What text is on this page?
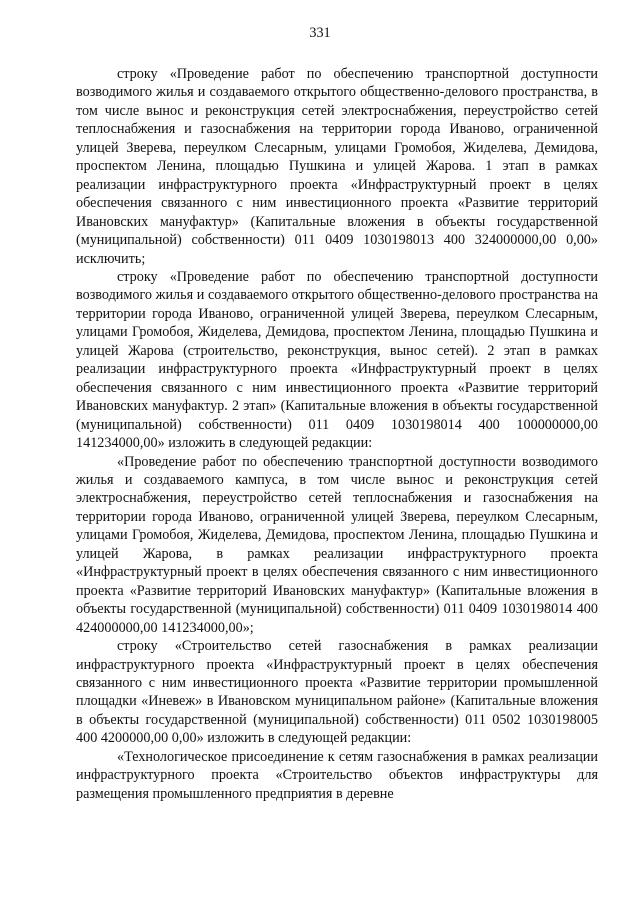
331

строку «Проведение работ по обеспечению транспортной доступности возводимого жилья и создаваемого открытого общественно-делового пространства, в том числе вынос и реконструкция сетей электроснабжения, переустройство сетей теплоснабжения и газоснабжения на территории города Иваново, ограниченной улицей Зверева, переулком Слесарным, улицами Громобоя, Жиделева, Демидова, проспектом Ленина, площадью Пушкина и улицей Жарова. 1 этап в рамках реализации инфраструктурного проекта «Инфраструктурный проект в целях обеспечения связанного с ним инвестиционного проекта «Развитие территорий Ивановских мануфактур» (Капитальные вложения в объекты государственной (муниципальной) собственности) 011 0409 1030198013 400 324000000,00 0,00» исключить;

строку «Проведение работ по обеспечению транспортной доступности возводимого жилья и создаваемого открытого общественно-делового пространства на территории города Иваново, ограниченной улицей Зверева, переулком Слесарным, улицами Громобоя, Жиделева, Демидова, проспектом Ленина, площадью Пушкина и улицей Жарова (строительство, реконструкция, вынос сетей). 2 этап в рамках реализации инфраструктурного проекта «Инфраструктурный проект в целях обеспечения связанного с ним инвестиционного проекта «Развитие территорий Ивановских мануфактур. 2 этап» (Капитальные вложения в объекты государственной (муниципальной) собственности) 011 0409 1030198014 400 100000000,00 141234000,00» изложить в следующей редакции:

«Проведение работ по обеспечению транспортной доступности возводимого жилья и создаваемого кампуса, в том числе вынос и реконструкция сетей электроснабжения, переустройство сетей теплоснабжения и газоснабжения на территории города Иваново, ограниченной улицей Зверева, переулком Слесарным, улицами Громобоя, Жиделева, Демидова, проспектом Ленина, площадью Пушкина и улицей Жарова, в рамках реализации инфраструктурного проекта «Инфраструктурный проект в целях обеспечения связанного с ним инвестиционного проекта «Развитие территорий Ивановских мануфактур» (Капитальные вложения в объекты государственной (муниципальной) собственности) 011 0409 1030198014 400 424000000,00 141234000,00»;

строку «Строительство сетей газоснабжения в рамках реализации инфраструктурного проекта «Инфраструктурный проект в целях обеспечения связанного с ним инвестиционного проекта «Развитие территории промышленной площадки «Иневеж» в Ивановском муниципальном районе» (Капитальные вложения в объекты государственной (муниципальной) собственности) 011 0502 1030198005 400 4200000,00 0,00» изложить в следующей редакции:

«Технологическое присоединение к сетям газоснабжения в рамках реализации инфраструктурного проекта «Строительство объектов инфраструктуры для размещения промышленного предприятия в деревне
